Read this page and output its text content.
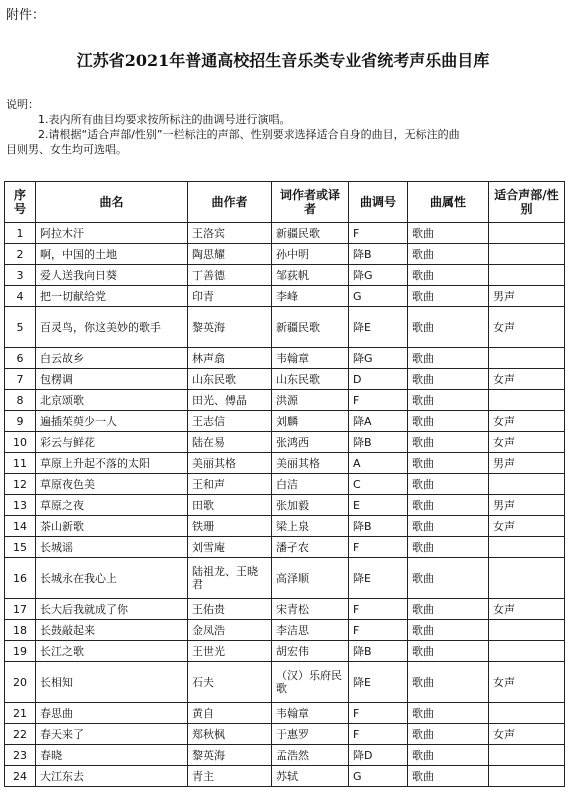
附件：
江苏省2021年普通高校招生音乐类专业省统考声乐曲目库
说明：
1.表内所有曲目均要求按所标注的曲调号进行演唱。
2.请根据“适合声部/性别”一栏标注的声部、性别要求选择适合自身的曲目，无标注的曲
目则男、女生均可选唱。
序号	曲名	曲作者	词作者或译者	曲调号	曲属性	适合声部/性别
1	阿拉木汗	王洛宾	新疆民歌	F	歌曲	
2	啊，中国的土地	陶思耀	孙中明	降B	歌曲	
3	爱人送我向日葵	丁善德	邹荻帆	降G	歌曲	
4	把一切献给党	印青	李峰	G	歌曲	男声
5	百灵鸟，你这美妙的歌手	黎英海	新疆民歌	降E	歌曲	女声
6	白云故乡	林声翕	韦翰章	降G	歌曲	
7	包楞调	山东民歌	山东民歌	D	歌曲	女声
8	北京颂歌	田光、傅晶	洪源	F	歌曲	
9	遍插茱萸少一人	王志信	刘麟	降A	歌曲	女声
10	彩云与鲜花	陆在易	张鸿西	降B	歌曲	女声
11	草原上升起不落的太阳	美丽其格	美丽其格	A	歌曲	男声
12	草原夜色美	王和声	白洁	C	歌曲	
13	草原之夜	田歌	张加毅	E	歌曲	男声
14	茶山新歌	铁珊	梁上泉	降B	歌曲	女声
15	长城谣	刘雪庵	潘孑农	F	歌曲	
16	长城永在我心上	陆祖龙、王晓君	高泽顺	降E	歌曲	
17	长大后我就成了你	王佑贵	宋青松	F	歌曲	女声
18	长鼓敲起来	金凤浩	李洁思	F	歌曲	
19	长江之歌	王世光	胡宏伟	降B	歌曲	
20	长相知	石夫	（汉）乐府民歌	降E	歌曲	女声
21	春思曲	黄自	韦翰章	F	歌曲	
22	春天来了	郑秋枫	于惠罗	F	歌曲	女声
23	春晓	黎英海	孟浩然	降D	歌曲	
24	大江东去	青主	苏轼	G	歌曲	
